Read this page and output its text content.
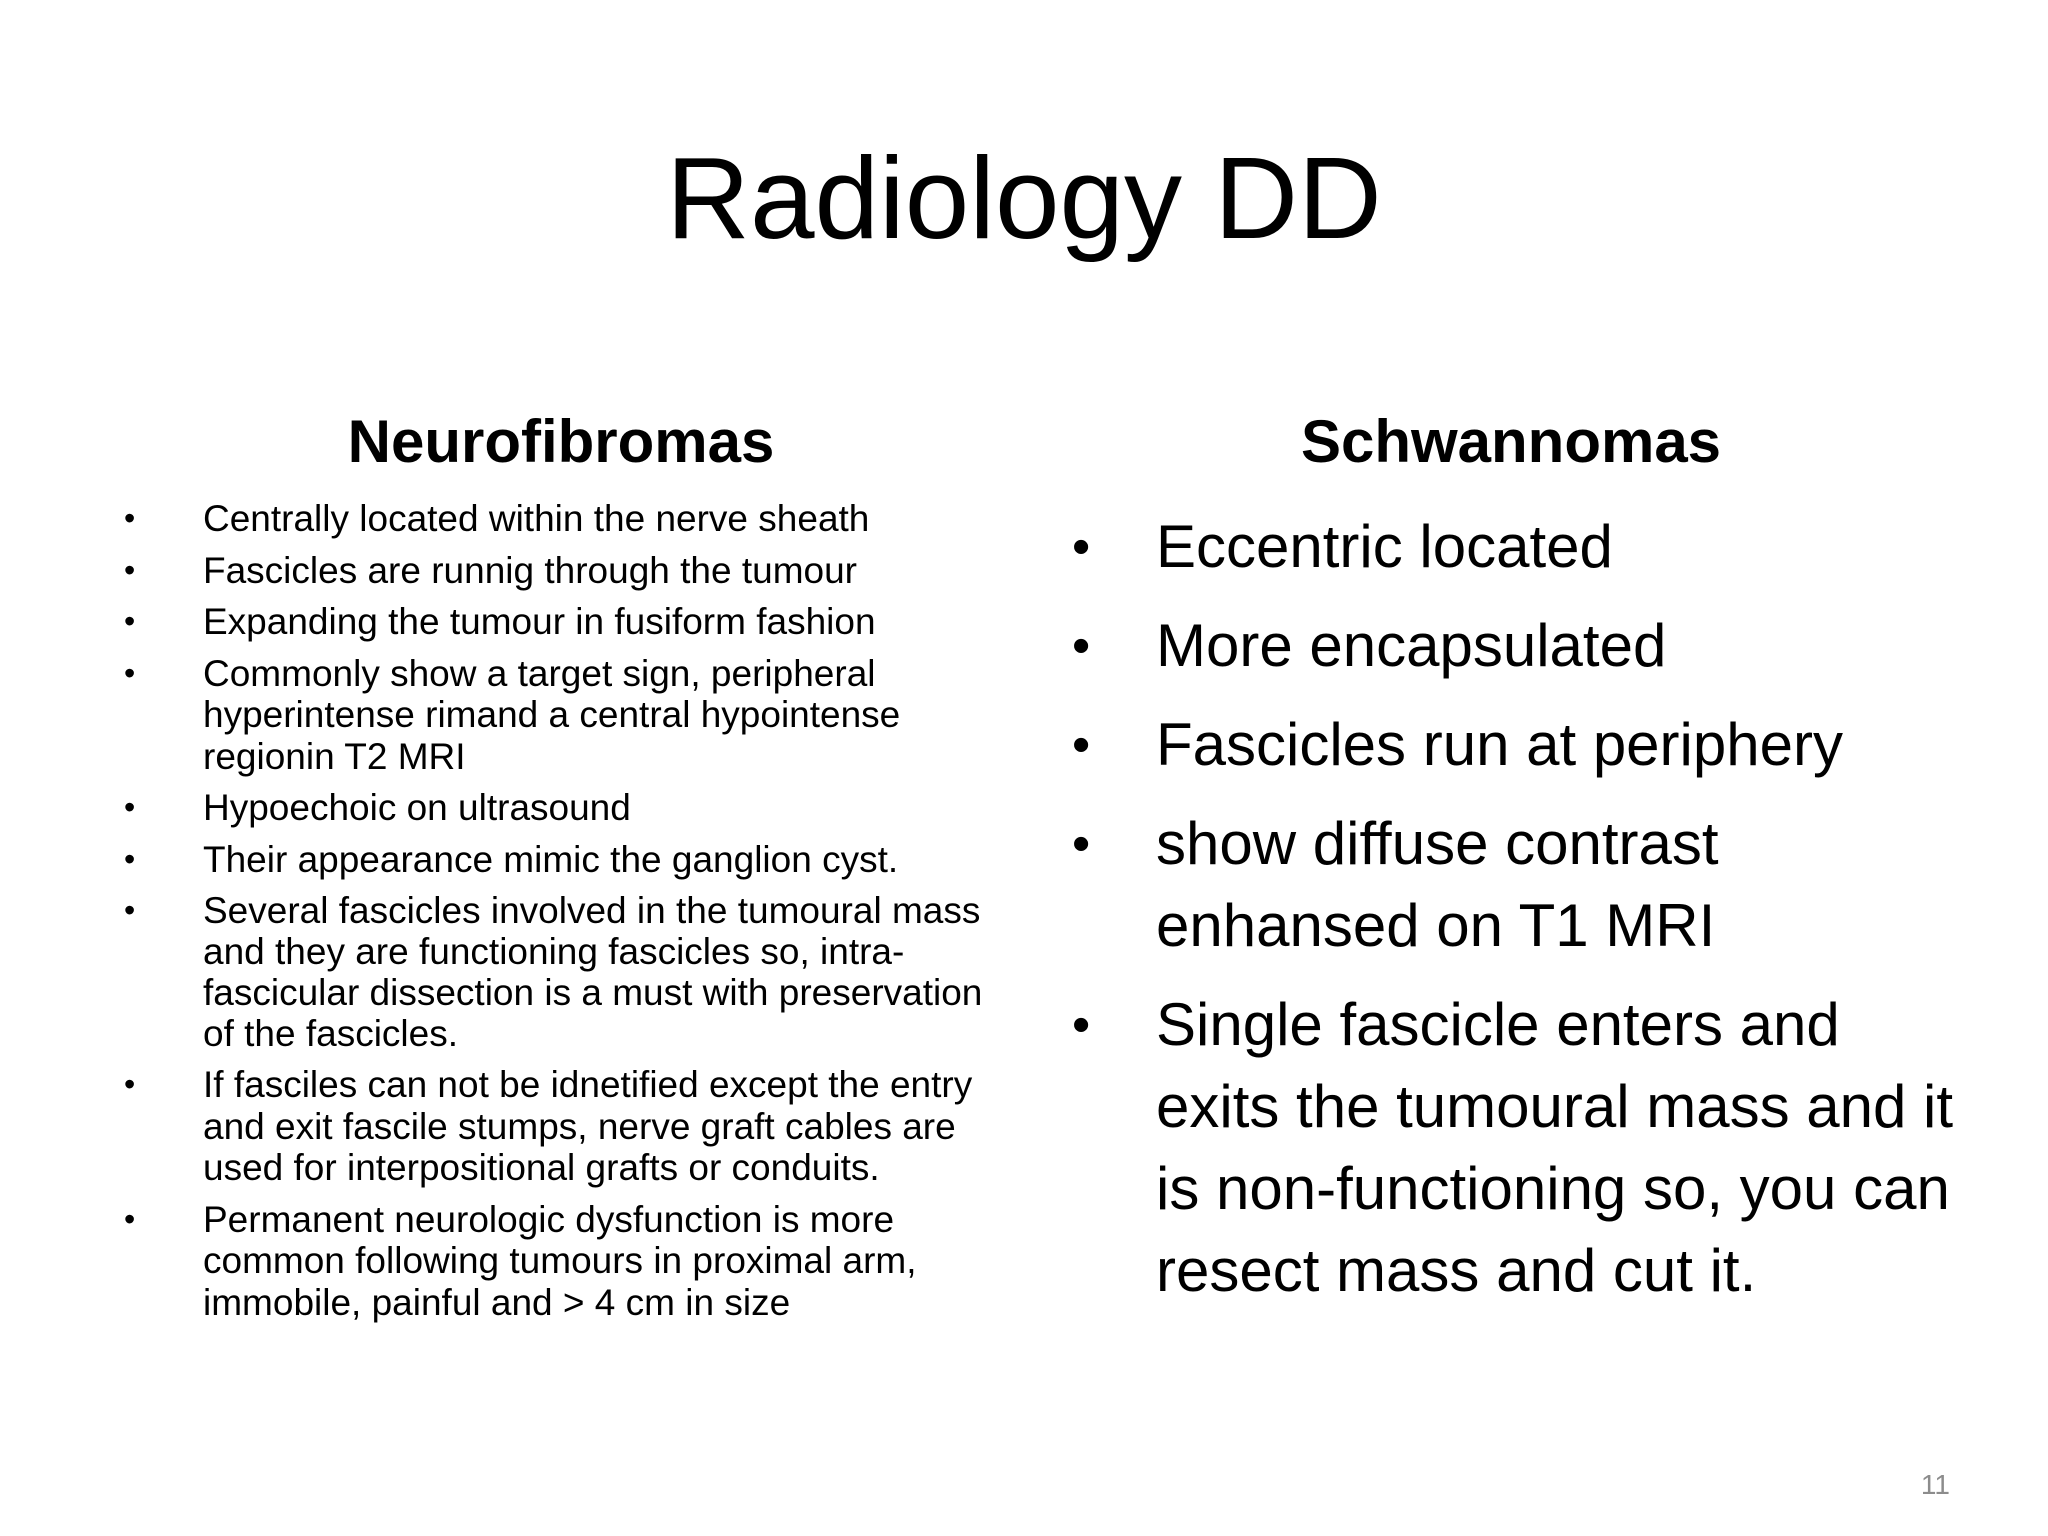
Radiology DD
Neurofibromas	Schwannomas
• Centrally located within the nerve sheath
• Fascicles are runnig through the tumour
• Expanding the tumour in fusiform fashion
• Commonly show a target sign, peripheral hyperintense rimand a central hypointense regionin T2 MRI
• Hypoechoic on ultrasound
• Their appearance mimic the ganglion cyst.
• Several fascicles involved in the tumoural mass and they are functioning fascicles so, intra-fascicular dissection is a must with preservation of the fascicles.
• If fasciles can not be idnetified except the entry and exit fascile stumps, nerve graft cables are used for interpositional grafts or conduits.
• Permanent neurologic dysfunction is more common following tumours in proximal arm, immobile, painful and > 4 cm in size
• Eccentric located
• More encapsulated
• Fascicles run at periphery
• show diffuse contrast enhansed on T1 MRI
• Single fascicle enters and exits the tumoural mass and it is non-functioning so, you can resect mass and cut it.
11
